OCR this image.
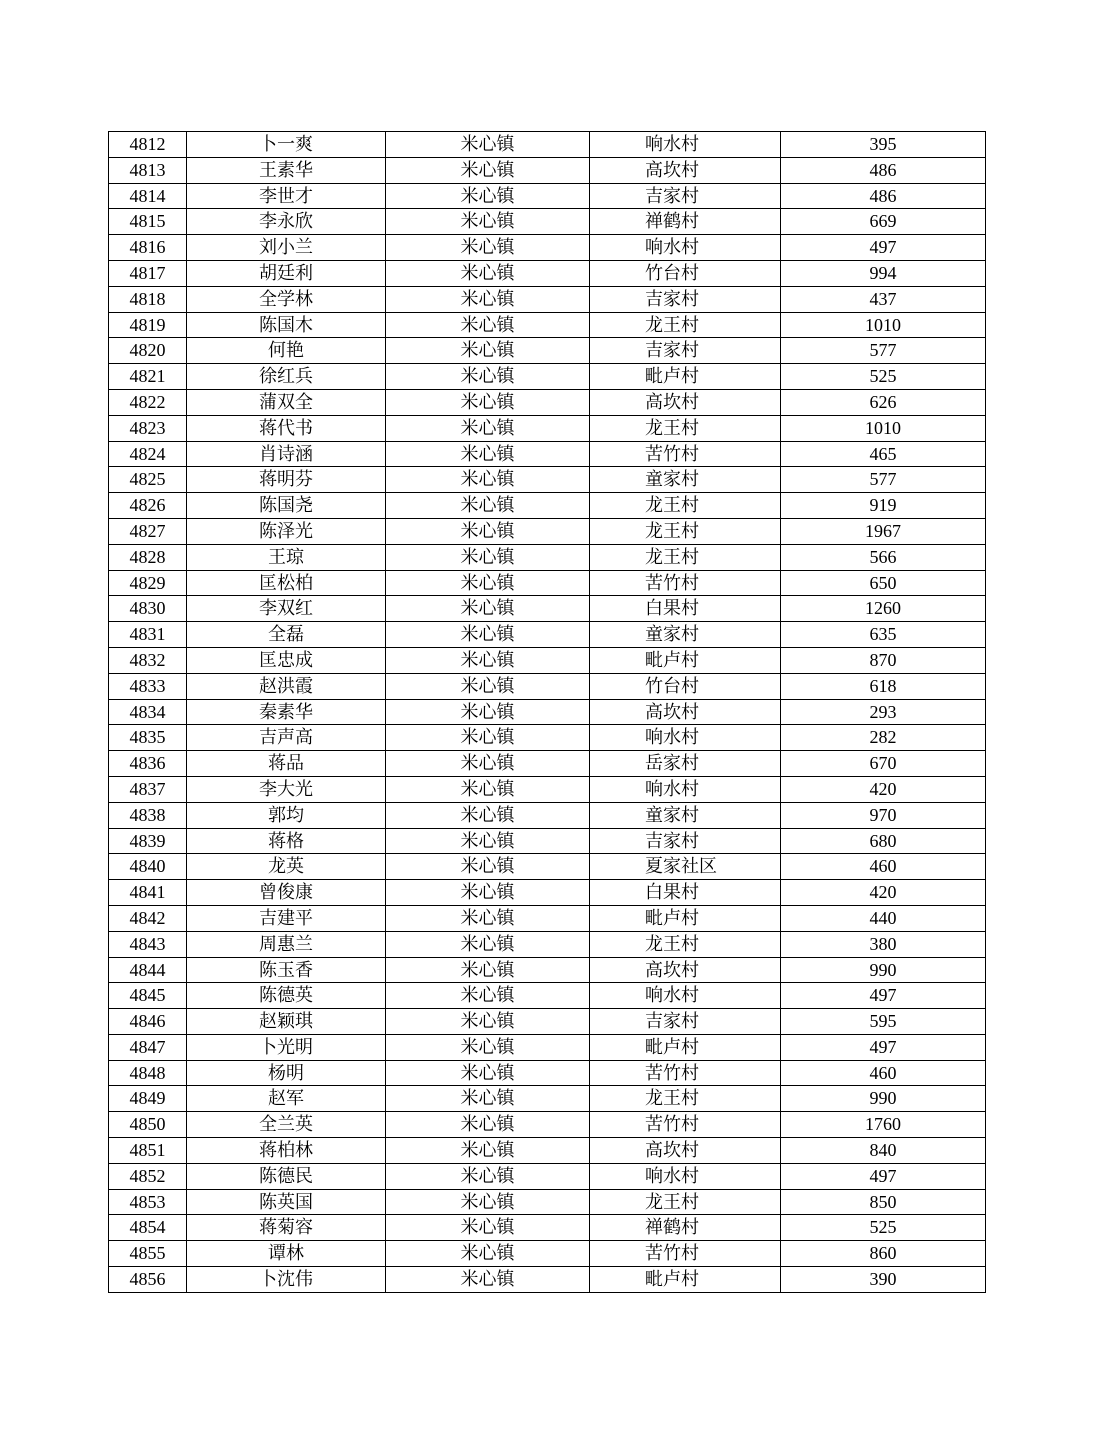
4812	卜一爽	米心镇	响水村	395
4813	王素华	米心镇	高坎村	486
4814	李世才	米心镇	吉家村	486
4815	李永欣	米心镇	禅鹤村	669
4816	刘小兰	米心镇	响水村	497
4817	胡廷利	米心镇	竹台村	994
4818	全学林	米心镇	吉家村	437
4819	陈国木	米心镇	龙王村	1010
4820	何艳	米心镇	吉家村	577
4821	徐红兵	米心镇	毗卢村	525
4822	蒲双全	米心镇	高坎村	626
4823	蒋代书	米心镇	龙王村	1010
4824	肖诗涵	米心镇	苦竹村	465
4825	蒋明芬	米心镇	童家村	577
4826	陈国尧	米心镇	龙王村	919
4827	陈泽光	米心镇	龙王村	1967
4828	王琼	米心镇	龙王村	566
4829	匡松柏	米心镇	苦竹村	650
4830	李双红	米心镇	白果村	1260
4831	全磊	米心镇	童家村	635
4832	匡忠成	米心镇	毗卢村	870
4833	赵洪霞	米心镇	竹台村	618
4834	秦素华	米心镇	高坎村	293
4835	吉声高	米心镇	响水村	282
4836	蒋品	米心镇	岳家村	670
4837	李大光	米心镇	响水村	420
4838	郭均	米心镇	童家村	970
4839	蒋格	米心镇	吉家村	680
4840	龙英	米心镇	夏家社区	460
4841	曾俊康	米心镇	白果村	420
4842	吉建平	米心镇	毗卢村	440
4843	周惠兰	米心镇	龙王村	380
4844	陈玉香	米心镇	高坎村	990
4845	陈德英	米心镇	响水村	497
4846	赵颖琪	米心镇	吉家村	595
4847	卜光明	米心镇	毗卢村	497
4848	杨明	米心镇	苦竹村	460
4849	赵军	米心镇	龙王村	990
4850	全兰英	米心镇	苦竹村	1760
4851	蒋柏林	米心镇	高坎村	840
4852	陈德民	米心镇	响水村	497
4853	陈英国	米心镇	龙王村	850
4854	蒋菊容	米心镇	禅鹤村	525
4855	谭林	米心镇	苦竹村	860
4856	卜沈伟	米心镇	毗卢村	390
